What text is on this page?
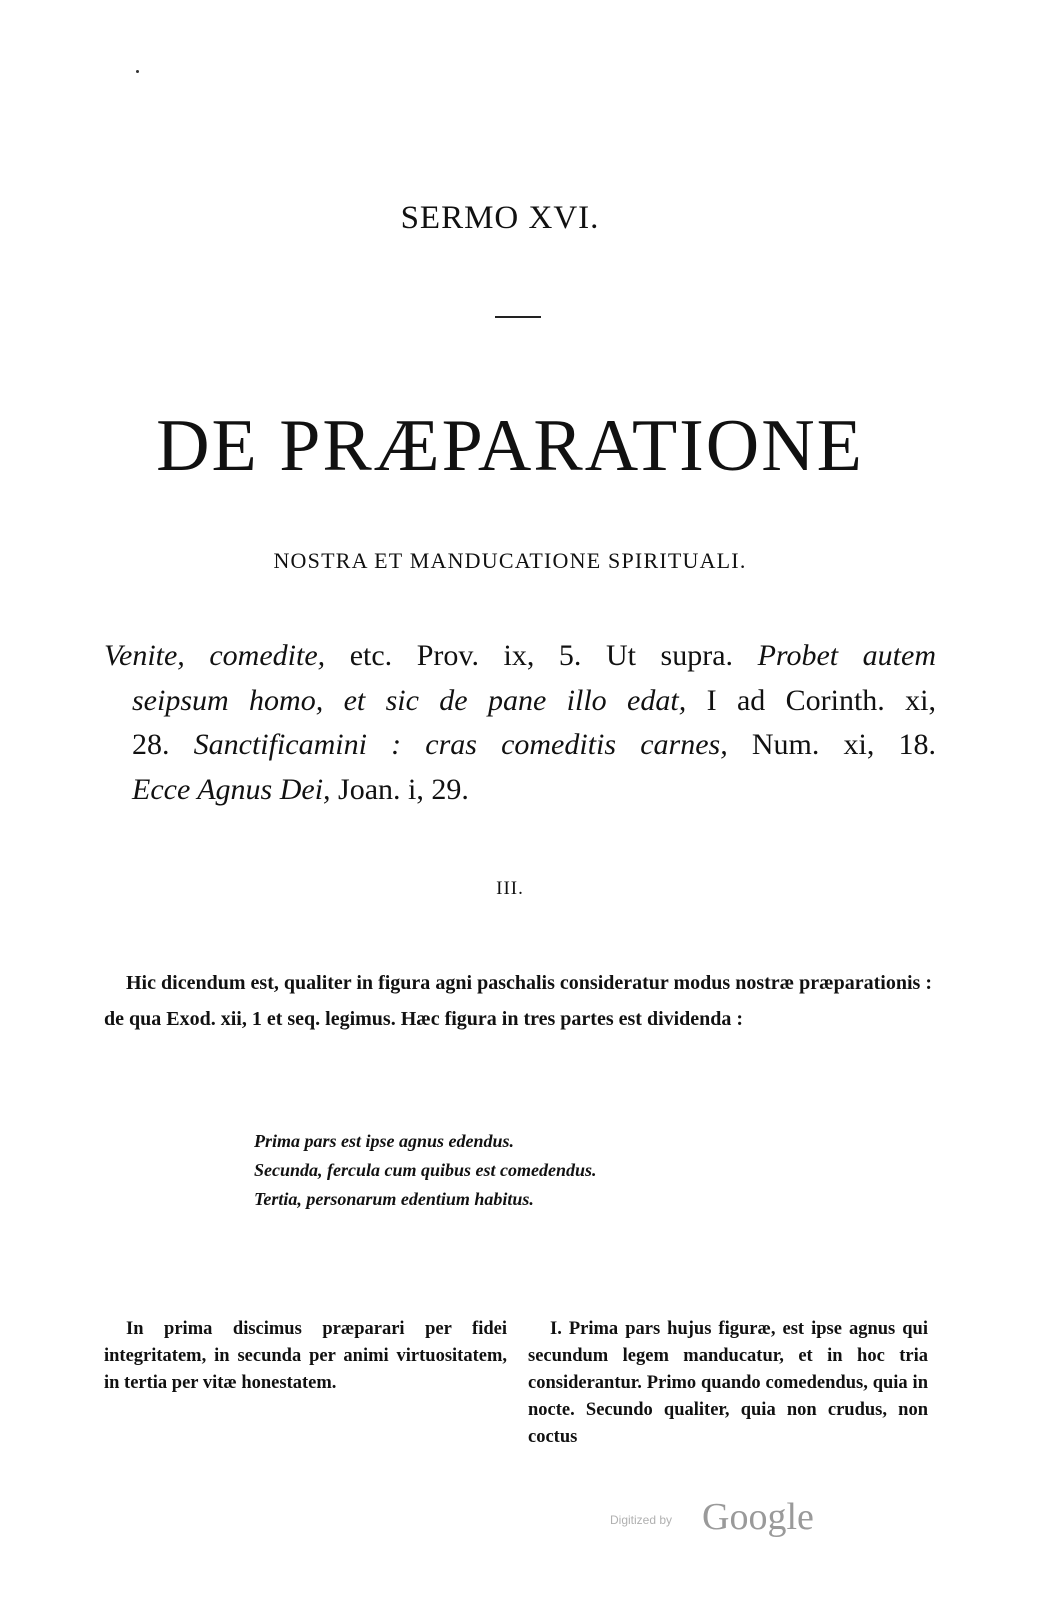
SERMO XVI.
DE PRÆPARATIONE
NOSTRA ET MANDUCATIONE SPIRITUALI.

Venite, comedite, etc. Prov. ix, 5. Ut supra. Probet autem

seipsum homo, et sic de pane illo edat, I ad Corinth. xi,

28. Sanctificamini : cras comeditis carnes, Num. xi, 18.

Ecce Agnus Dei, Joan. i, 29.

III.

Hic dicendum est, qualiter in figura agni paschalis consideratur modus nostræ præparationis : de qua Exod. xii, 1 et seq. legimus. Hæc figura in tres partes est dividenda :

Prima pars est ipse agnus edendus.
Secunda, fercula cum quibus est comedendus.
Tertia, personarum edentium habitus.

In prima discimus præparari per fidei integritatem, in secunda per animi virtuositatem, in tertia per vitæ honestatem.

I. Prima pars hujus figuræ, est ipse agnus qui secundum legem manducatur, et in hoc tria considerantur. Primo quando comedendus, quia in nocte. Secundo qualiter, quia non crudus, non coctus

Digitized by Google
